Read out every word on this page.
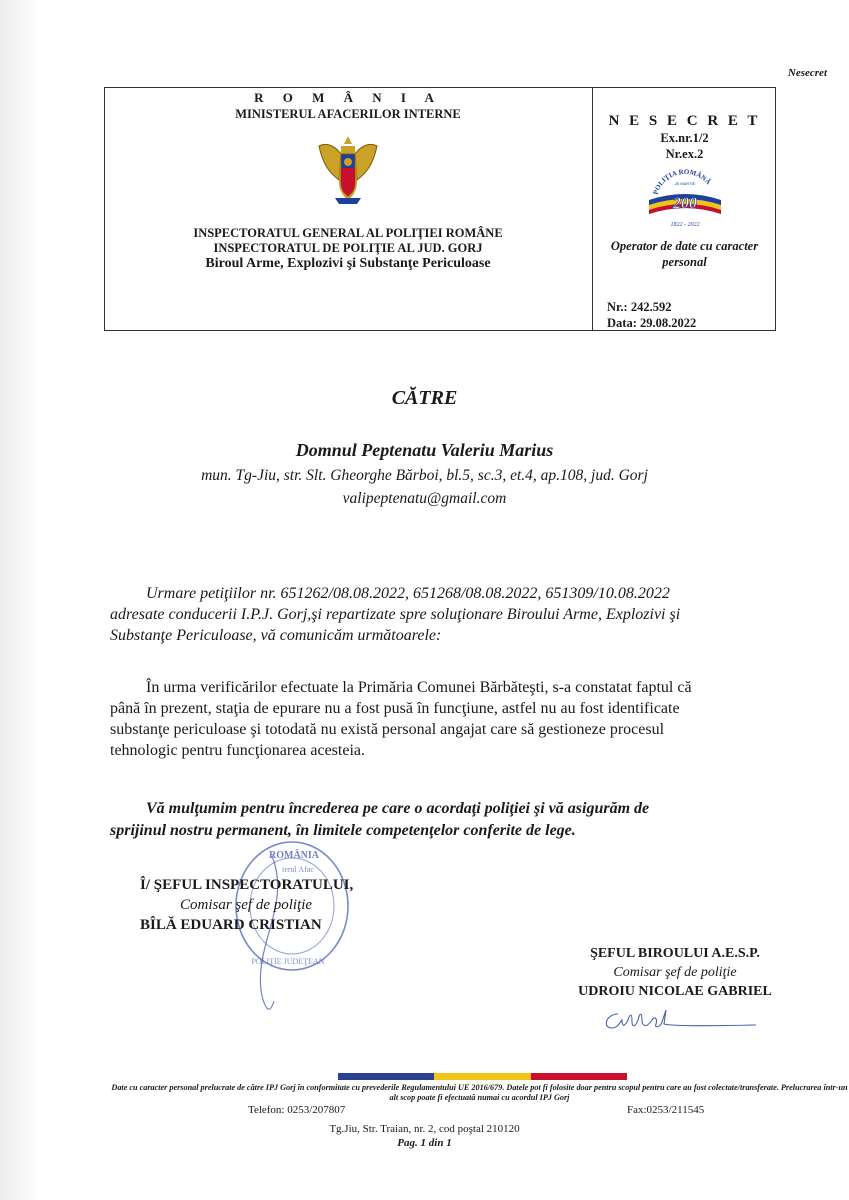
Nesecret
R O M Â N I A
MINISTERUL AFACERILOR INTERNE
INSPECTORATUL GENERAL AL POLIŢIEI ROMÂNE
INSPECTORATUL DE POLIŢIE AL JUD. GORJ
Biroul Arme, Explozivi şi Substanţe Periculoase
N E S E C R E T
Ex.nr.1/2
Nr.ex.2
POLIŢIA ROMÂNĂ
25 MARTIE
200
1822 - 2022
Operator de date cu caracter personal
Nr.: 242.592
Data: 29.08.2022
CĂTRE
Domnul Peptenatu Valeriu Marius
mun. Tg-Jiu, str. Slt. Gheorghe Bărboi, bl.5, sc.3, et.4, ap.108, jud. Gorj
valipeptenatu@gmail.com
Urmare petiţiilor nr. 651262/08.08.2022, 651268/08.08.2022, 651309/10.08.2022
adresate conducerii I.P.J. Gorj,şi repartizate spre soluţionare Biroului Arme, Explozivi şi
Substanţe Periculoase, vă comunicăm următoarele:
În urma verificărilor efectuate la Primăria Comunei Bărbăteşti, s-a constatat faptul că
până în prezent, staţia de epurare nu a fost pusă în funcţiune, astfel nu au fost identificate
substanţe periculoase şi totodată nu există personal angajat care să gestioneze procesul
tehnologic pentru funcţionarea acesteia.
Vă mulţumim pentru încrederea pe care o acordaţi poliţiei şi vă asigurăm de
sprijinul nostru permanent, în limitele competenţelor conferite de lege.
ROMÂNIA
terul Afac
POLIŢIE JUDEŢEAN
Î/ ŞEFUL INSPECTORATULUI,
Comisar şef de poliţie
BÎLĂ EDUARD CRISTIAN
ŞEFUL BIROULUI A.E.S.P.
Comisar şef de poliţie
UDROIU NICOLAE GABRIEL
Date cu caracter personal prelucrate de către IPJ Gorj în conformitate cu prevederile Regulamentului UE 2016/679. Datele pot fi folosite doar pentru scopul pentru care au fost colectate/transferate. Prelucrarea într-un alt scop poate fi efectuată numai cu acordul IPJ Gorj
Telefon: 0253/207807	Fax:0253/211545
Tg.Jiu, Str. Traian, nr. 2, cod poştal 210120
Pag. 1 din 1
